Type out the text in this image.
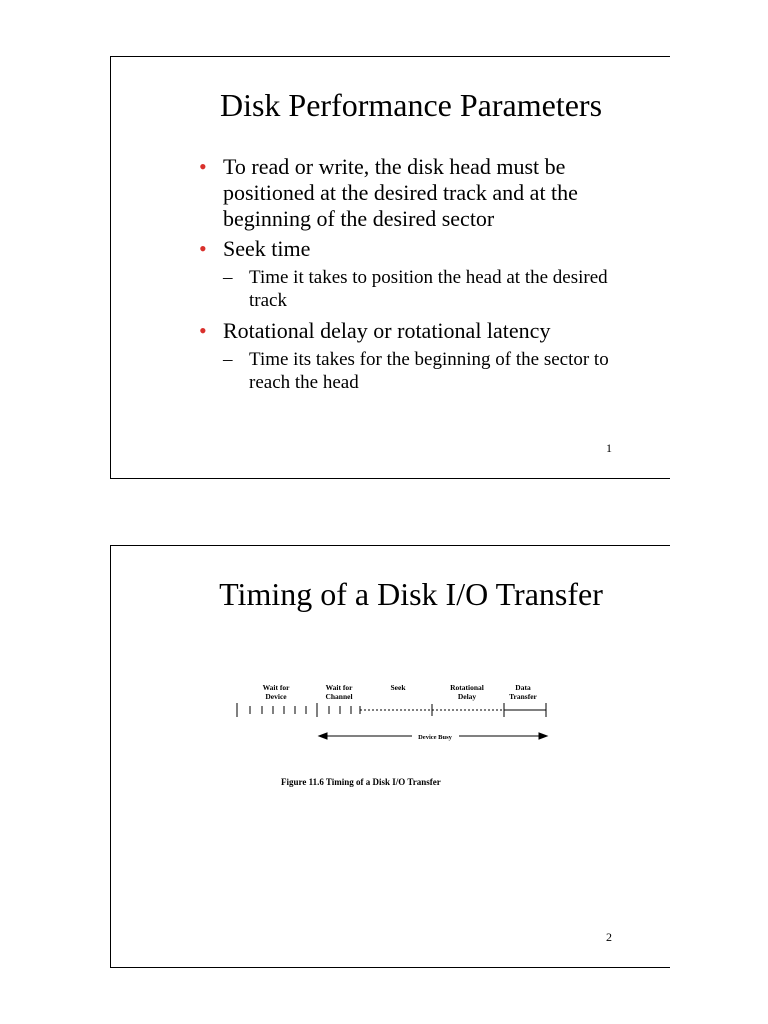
Disk Performance Parameters
• To read or write, the disk head must be positioned at the desired track and at the beginning of the desired sector
• Seek time
– Time it takes to position the head at the desired track
• Rotational delay or rotational latency
– Time its takes for the beginning of the sector to reach the head
1
Timing of a Disk I/O Transfer
Wait for Device
Wait for Channel
Seek	Rotational Delay
Data Transfer
Device Busy
Figure 11.6 Timing of a Disk I/O Transfer
2
